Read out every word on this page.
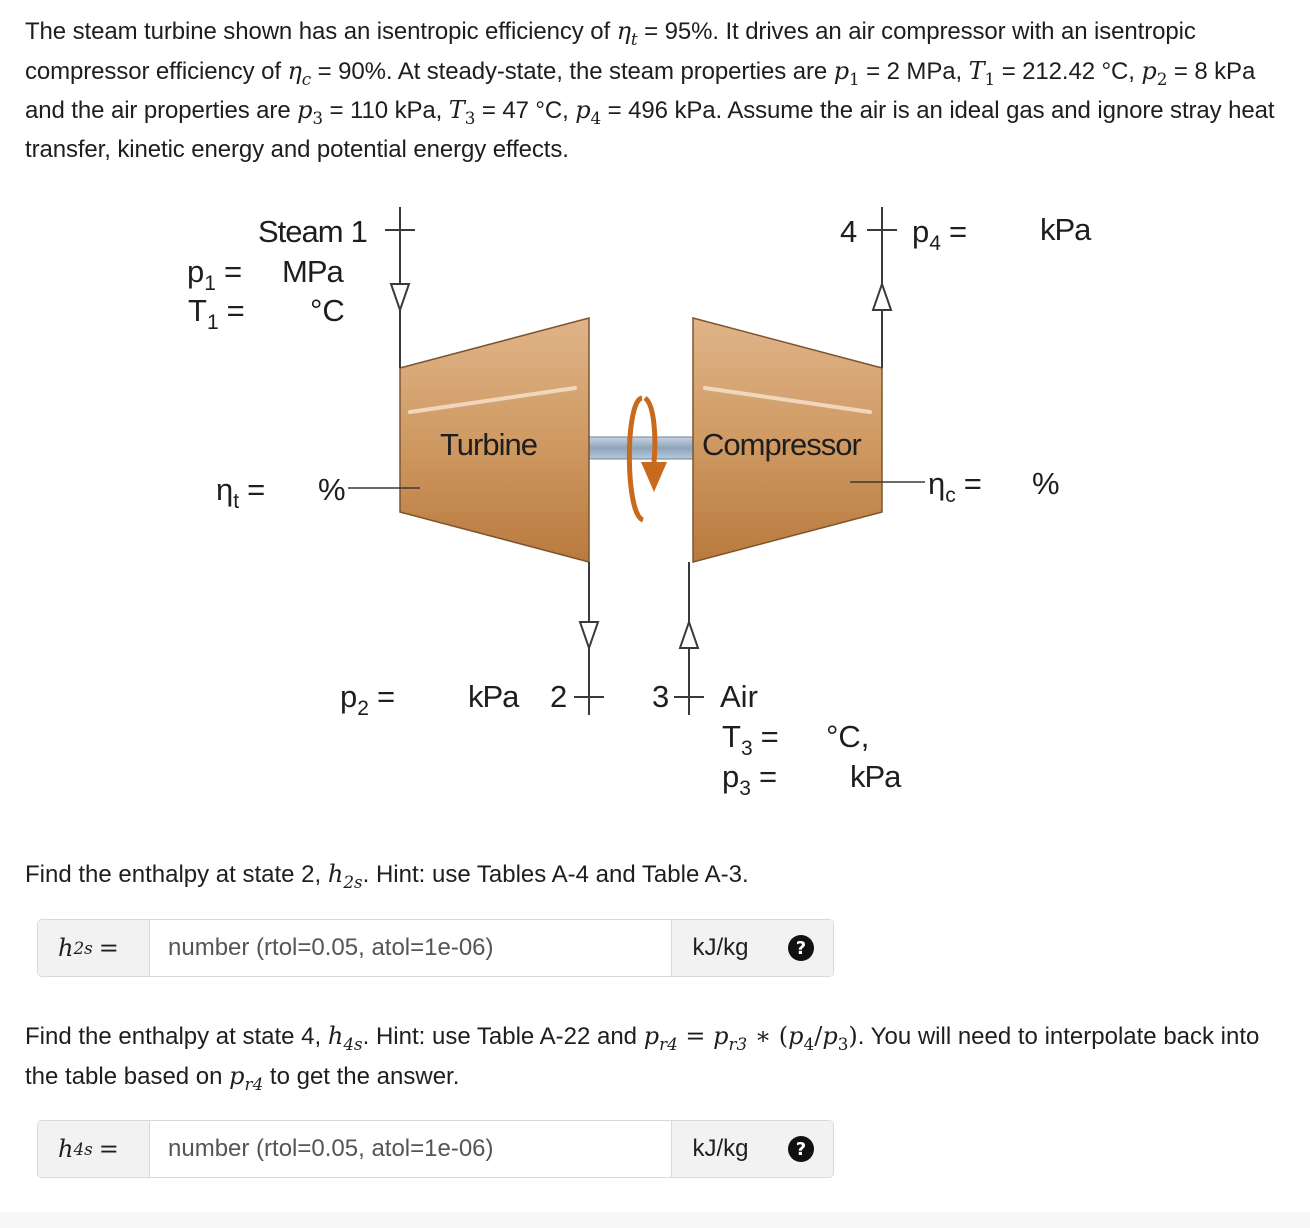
The steam turbine shown has an isentropic efficiency of $\eta_t = 95\%$. It drives an air compressor with an isentropic compressor efficiency of $\eta_c = 90\%$. At steady-state, the steam properties are $p_1 = 2$ MPa, $T_1 = 212.42$ °C, $p_2 = 8$ kPa and the air properties are $p_3 = 110$ kPa, $T_3 = 47$ °C, $p_4 = 496$ kPa. Assume the air is an ideal gas and ignore stray heat transfer, kinetic energy and potential energy effects.
Steam 1
$p_1$ = MPa
$T_1 = ^\circ C$
Turbine	Compressor
$\eta_t$ = %	$\eta_c$ = %
4 $p_4$ = kPa
$p_2$ = kPa 2	3 Air
$T_3 = ^\circ C$,
$p_3$ = kPa
Find the enthalpy at state 2, $h_{2s}$. Hint: use Tables A-4 and Table A-3.
h 2s =
number (rtol=0.05, atol=1e-06)	kJ/kg	?
Find the enthalpy at state 4, $h_{4s}$. Hint: use Table A-22 and $p_{r4} = p_{r3}$ ∗ $(p_4/p_3)$. You will need to interpolate back into the table based on $p_{r4}$ to get the answer.
h 4s =
number (rtol=0.05, atol=1e-06)	kJ/kg	?
